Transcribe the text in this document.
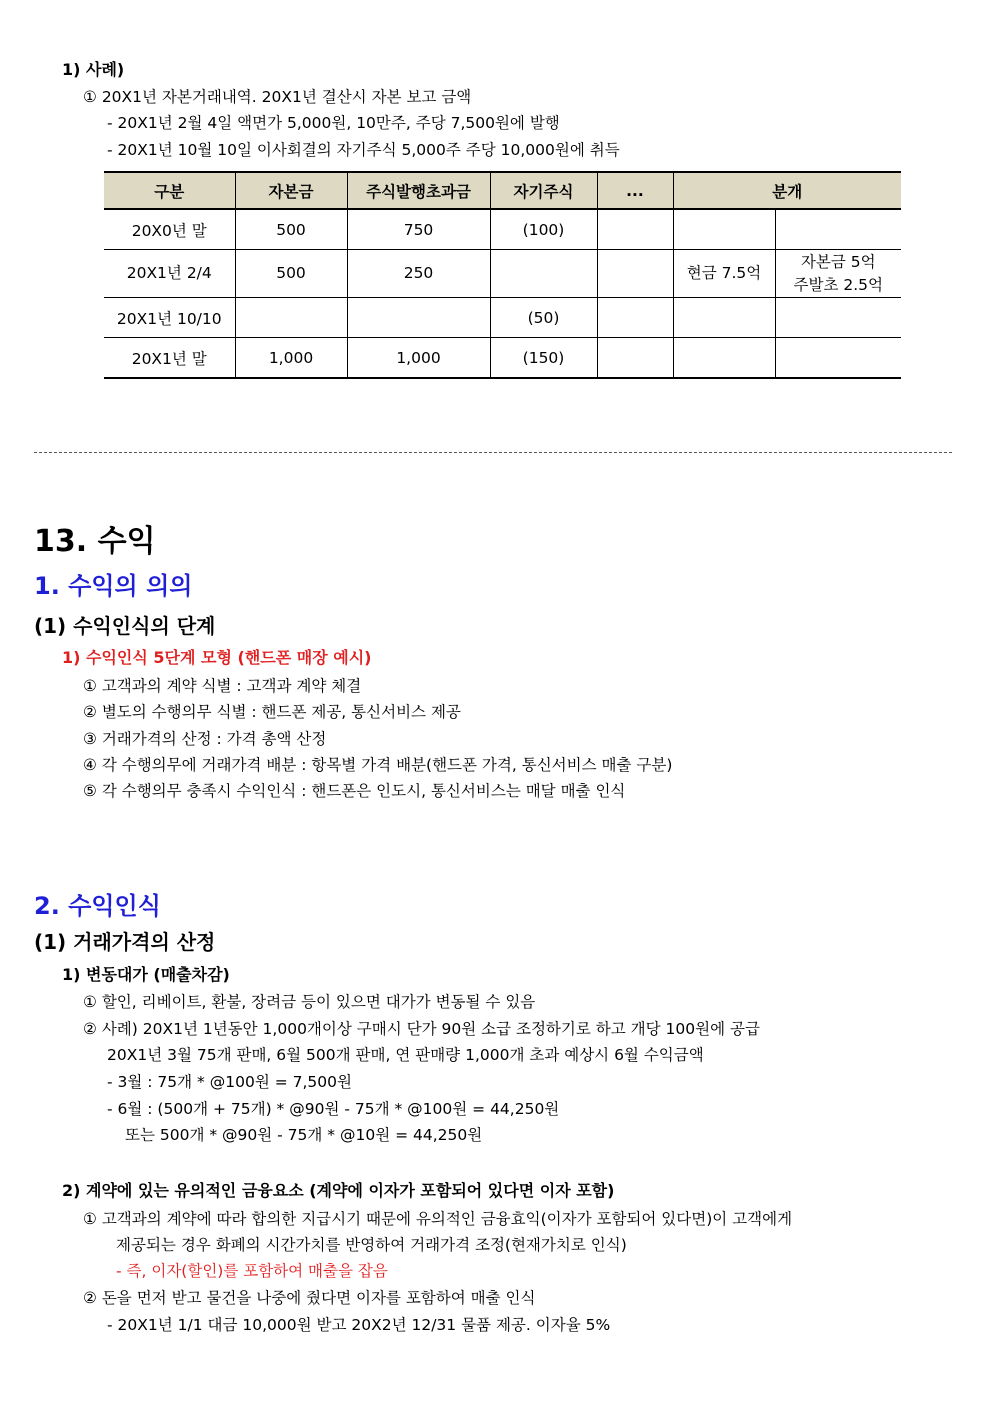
1) 사례)
① 20X1년 자본거래내역. 20X1년 결산시 자본 보고 금액
- 20X1년 2월 4일 액면가 5,000원, 10만주, 주당 7,500원에 발행
- 20X1년 10월 10일 이사회결의 자기주식 5,000주 주당 10,000원에 취득
구분	자본금	주식발행초과금	자기주식	...	분개	
20X0년 말	500	750	(100)			
20X1년 2/4	500	250			현금 7.5억	자본금 5억
주발초 2.5억

20X1년 10/10			(50)			
20X1년 말	1,000	1,000	(150)			
13. 수익
1. 수익의 의의
(1) 수익인식의 단계
1) 수익인식 5단계 모형 (핸드폰 매장 예시)
① 고객과의 계약 식별 : 고객과 계약 체결
② 별도의 수행의무 식별 : 핸드폰 제공, 통신서비스 제공
③ 거래가격의 산정 : 가격 총액 산정
④ 각 수행의무에 거래가격 배분 : 항목별 가격 배분(핸드폰 가격, 통신서비스 매출 구분)
⑤ 각 수행의무 충족시 수익인식 : 핸드폰은 인도시, 통신서비스는 매달 매출 인식
2. 수익인식
(1) 거래가격의 산정
1) 변동대가 (매출차감)
① 할인, 리베이트, 환불, 장려금 등이 있으면 대가가 변동될 수 있음
② 사례) 20X1년 1년동안 1,000개이상 구매시 단가 90원 소급 조정하기로 하고 개당 100원에 공급
20X1년 3월 75개 판매, 6월 500개 판매, 연 판매량 1,000개 초과 예상시 6월 수익금액
- 3월 : 75개 * @100원 = 7,500원
- 6월 : (500개 + 75개) * @90원 - 75개 * @100원 = 44,250원
또는 500개 * @90원 - 75개 * @10원 = 44,250원
2) 계약에 있는 유의적인 금융요소 (계약에 이자가 포함되어 있다면 이자 포함)
① 고객과의 계약에 따라 합의한 지급시기 때문에 유의적인 금융효익(이자가 포함되어 있다면)이 고객에게
제공되는 경우 화폐의 시간가치를 반영하여 거래가격 조정(현재가치로 인식)
- 즉, 이자(할인)를 포함하여 매출을 잡음
② 돈을 먼저 받고 물건을 나중에 줬다면 이자를 포함하여 매출 인식
- 20X1년 1/1 대금 10,000원 받고 20X2년 12/31 물품 제공. 이자율 5%
